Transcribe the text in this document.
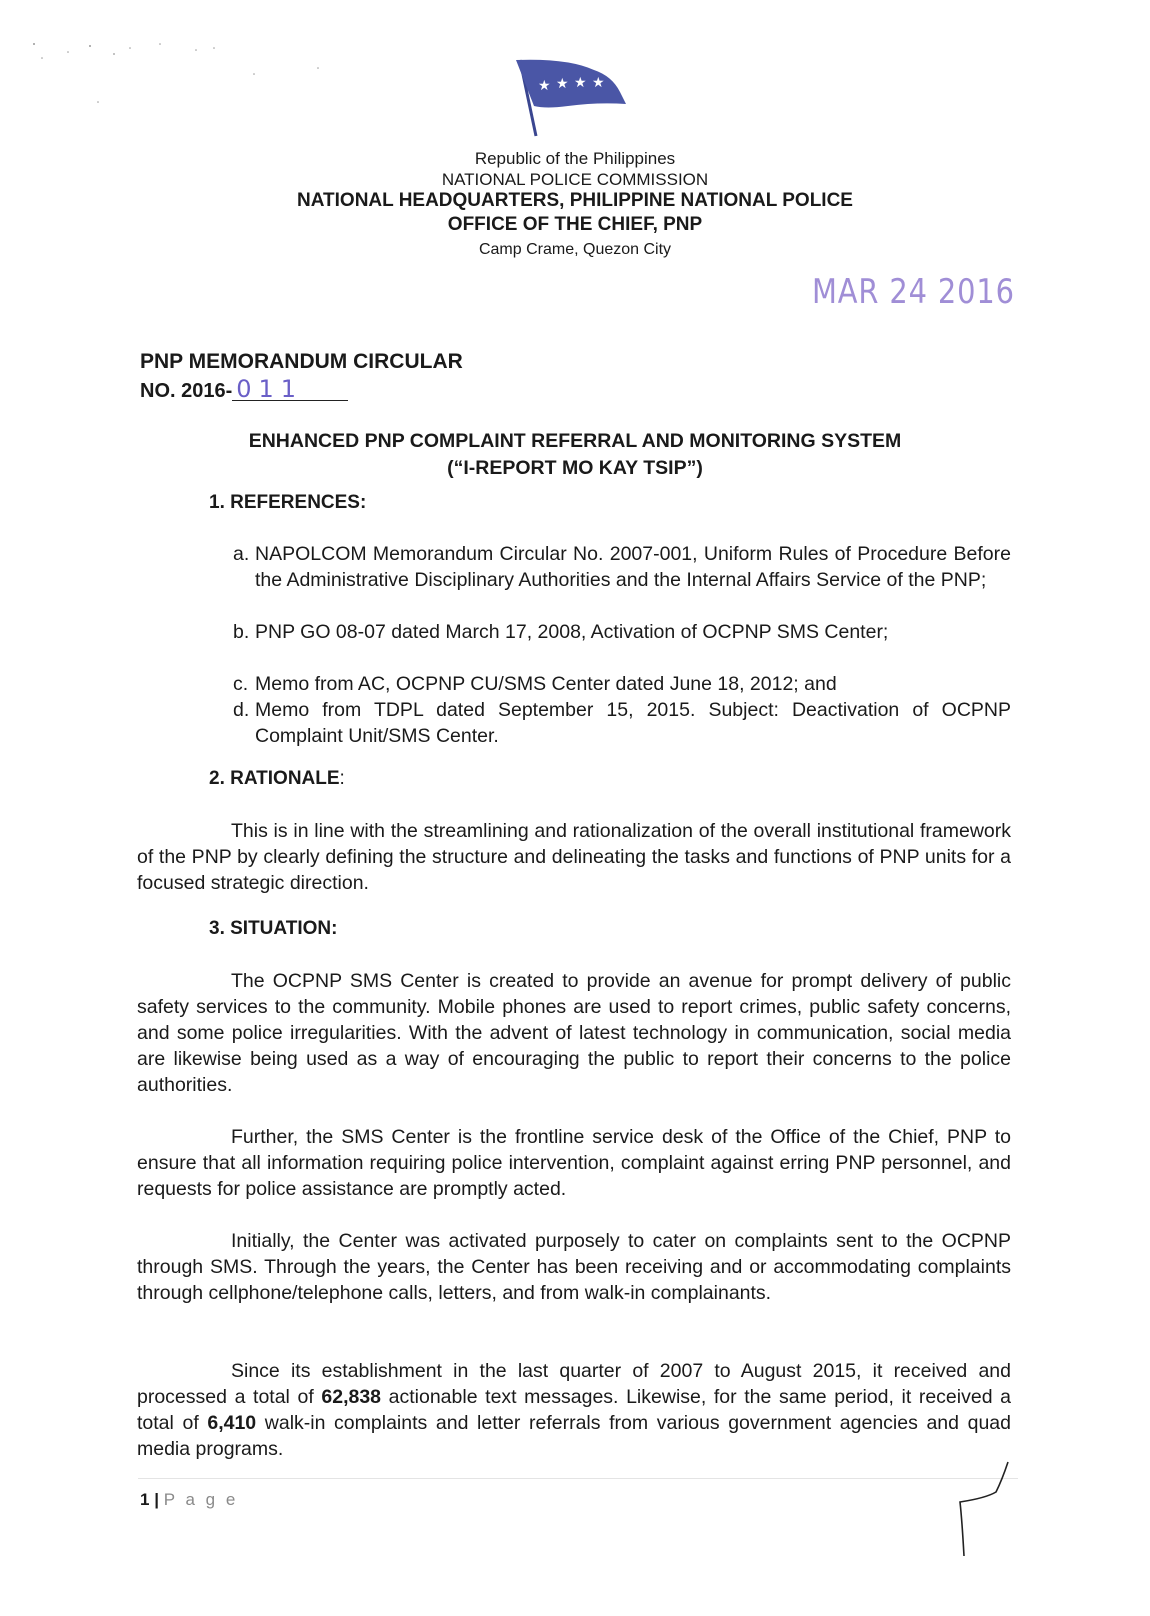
★ ★ ★ ★
Republic of the Philippines
NATIONAL POLICE COMMISSION
NATIONAL HEADQUARTERS, PHILIPPINE NATIONAL POLICE
OFFICE OF THE CHIEF, PNP
Camp Crame, Quezon City
MAR 24 2016
PNP MEMORANDUM CIRCULAR
NO. 2016- 011
ENHANCED PNP COMPLAINT REFERRAL AND MONITORING SYSTEM
(“I-REPORT MO KAY TSIP”)
1. REFERENCES:
a. NAPOLCOM Memorandum Circular No. 2007-001, Uniform Rules of Procedure Before the Administrative Disciplinary Authorities and the Internal Affairs Service of the PNP;
b. PNP GO 08-07 dated March 17, 2008, Activation of OCPNP SMS Center;
c. Memo from AC, OCPNP CU/SMS Center dated June 18, 2012; and
d. Memo from TDPL dated September 15, 2015. Subject: Deactivation of OCPNP Complaint Unit/SMS Center.
2. RATIONALE:
This is in line with the streamlining and rationalization of the overall institutional framework of the PNP by clearly defining the structure and delineating the tasks and functions of PNP units for a focused strategic direction.
3. SITUATION:
The OCPNP SMS Center is created to provide an avenue for prompt delivery of public safety services to the community. Mobile phones are used to report crimes, public safety concerns, and some police irregularities. With the advent of latest technology in communication, social media are likewise being used as a way of encouraging the public to report their concerns to the police authorities.
Further, the SMS Center is the frontline service desk of the Office of the Chief, PNP to ensure that all information requiring police intervention, complaint against erring PNP personnel, and requests for police assistance are promptly acted.
Initially, the Center was activated purposely to cater on complaints sent to the OCPNP through SMS. Through the years, the Center has been receiving and or accommodating complaints through cellphone/telephone calls, letters, and from walk-in complainants.
Since its establishment in the last quarter of 2007 to August 2015, it received and processed a total of 62,838 actionable text messages. Likewise, for the same period, it received a total of 6,410 walk-in complaints and letter referrals from various government agencies and quad media programs.
1 | P a g e
